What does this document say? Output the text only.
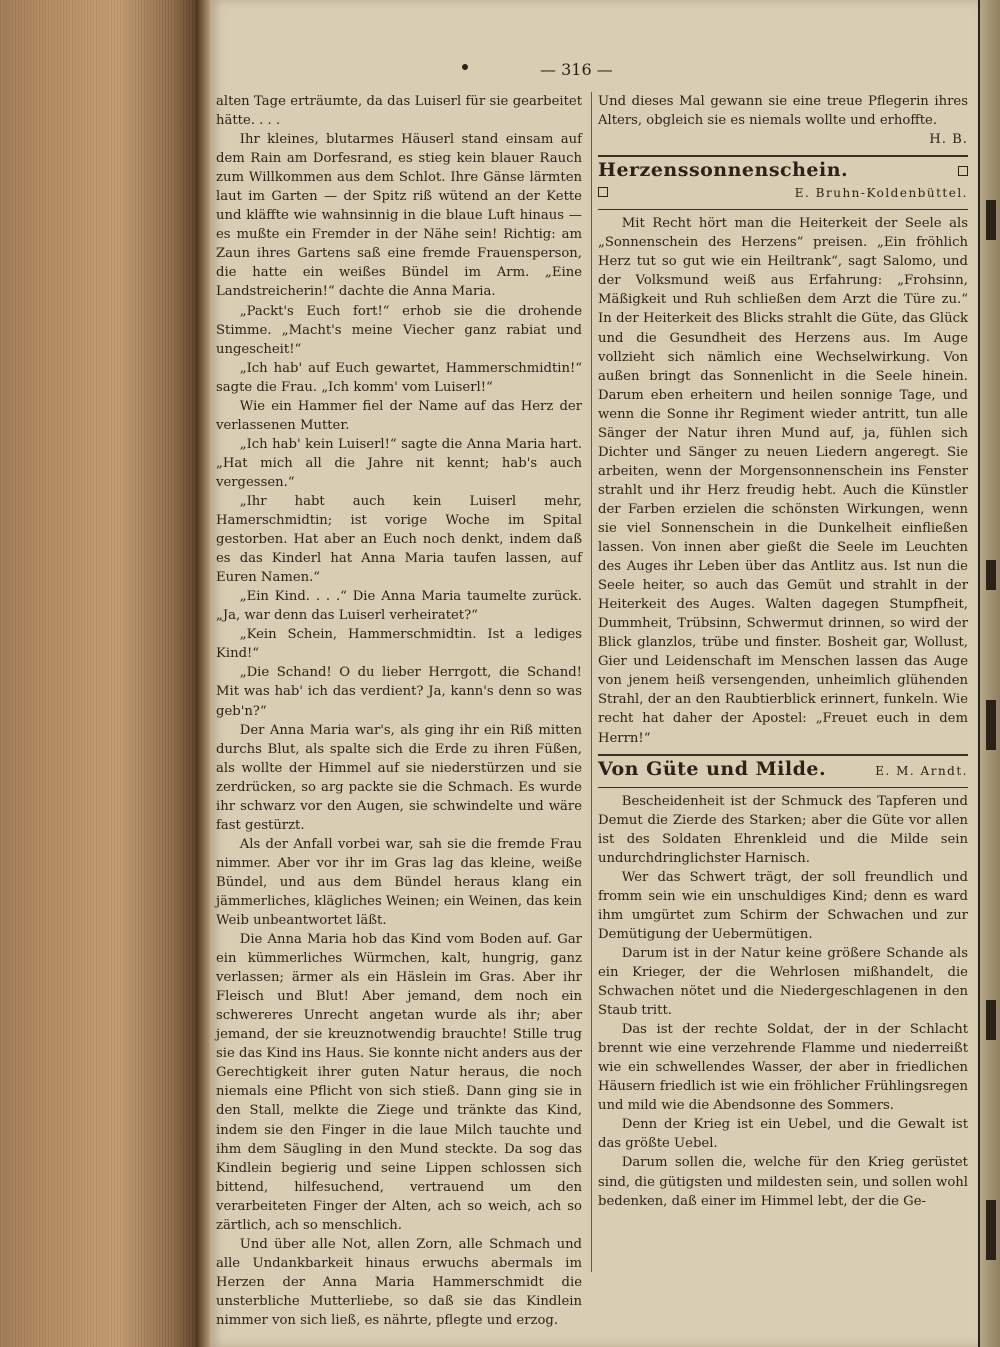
— 316 —

alten Tage erträumte, da das Luiserl für sie gearbeitet hätte. . . .

Ihr kleines, blutarmes Häuserl stand einsam auf dem Rain am Dorfesrand, es stieg kein blauer Rauch zum Willkommen aus dem Schlot. Ihre Gänse lärmten laut im Garten — der Spitz riß wütend an der Kette und kläffte wie wahnsinnig in die blaue Luft hinaus — es mußte ein Fremder in der Nähe sein! Richtig: am Zaun ihres Gartens saß eine fremde Frauensperson, die hatte ein weißes Bündel im Arm. „Eine Landstreicherin!“ dachte die Anna Maria.

„Packt's Euch fort!“ erhob sie die drohende Stimme. „Macht's meine Viecher ganz rabiat und ungescheit!“

„Ich hab' auf Euch gewartet, Hammerschmidtin!“ sagte die Frau. „Ich komm' vom Luiserl!“

Wie ein Hammer fiel der Name auf das Herz der verlassenen Mutter.

„Ich hab' kein Luiserl!“ sagte die Anna Maria hart. „Hat mich all die Jahre nit kennt; hab's auch vergessen.“

„Ihr habt auch kein Luiserl mehr, Hamerschmidtin; ist vorige Woche im Spital gestorben. Hat aber an Euch noch denkt, indem daß es das Kinderl hat Anna Maria taufen lassen, auf Euren Namen.“

„Ein Kind. . . .“ Die Anna Maria taumelte zurück. „Ja, war denn das Luiserl verheiratet?“

„Kein Schein, Hammerschmidtin. Ist a lediges Kind!“

„Die Schand! O du lieber Herrgott, die Schand! Mit was hab' ich das verdient? Ja, kann's denn so was geb'n?“

Der Anna Maria war's, als ging ihr ein Riß mitten durchs Blut, als spalte sich die Erde zu ihren Füßen, als wollte der Himmel auf sie niederstürzen und sie zerdrücken, so arg packte sie die Schmach. Es wurde ihr schwarz vor den Augen, sie schwindelte und wäre fast gestürzt.

Als der Anfall vorbei war, sah sie die fremde Frau nimmer. Aber vor ihr im Gras lag das kleine, weiße Bündel, und aus dem Bündel heraus klang ein jämmerliches, klägliches Weinen; ein Weinen, das kein Weib unbeantwortet läßt.

Die Anna Maria hob das Kind vom Boden auf. Gar ein kümmerliches Würmchen, kalt, hungrig, ganz verlassen; ärmer als ein Häslein im Gras. Aber ihr Fleisch und Blut! Aber jemand, dem noch ein schwereres Unrecht angetan wurde als ihr; aber jemand, der sie kreuznotwendig brauchte! Stille trug sie das Kind ins Haus. Sie konnte nicht anders aus der Gerechtigkeit ihrer guten Natur heraus, die noch niemals eine Pflicht von sich stieß. Dann ging sie in den Stall, melkte die Ziege und tränkte das Kind, indem sie den Finger in die laue Milch tauchte und ihm dem Säugling in den Mund steckte. Da sog das Kindlein begierig und seine Lippen schlossen sich bittend, hilfesuchend, vertrauend um den verarbeiteten Finger der Alten, ach so weich, ach so zärtlich, ach so menschlich.

Und über alle Not, allen Zorn, alle Schmach und alle Undankbarkeit hinaus erwuchs abermals im Herzen der Anna Maria Hammerschmidt die unsterbliche Mutterliebe, so daß sie das Kindlein nimmer von sich ließ, es nährte, pflegte und erzog.

Und dieses Mal gewann sie eine treue Pflegerin ihres Alters, obgleich sie es niemals wollte und erhoffte.

H. B.
Herzenssonnenschein.
E. Bruhn-Koldenbüttel.

Mit Recht hört man die Heiterkeit der Seele als „Sonnenschein des Herzens“ preisen. „Ein fröhlich Herz tut so gut wie ein Heiltrank“, sagt Salomo, und der Volksmund weiß aus Erfahrung: „Frohsinn, Mäßigkeit und Ruh schließen dem Arzt die Türe zu.“ In der Heiterkeit des Blicks strahlt die Güte, das Glück und die Gesundheit des Herzens aus. Im Auge vollzieht sich nämlich eine Wechselwirkung. Von außen bringt das Sonnenlicht in die Seele hinein. Darum eben erheitern und heilen sonnige Tage, und wenn die Sonne ihr Regiment wieder antritt, tun alle Sänger der Natur ihren Mund auf, ja, fühlen sich Dichter und Sänger zu neuen Liedern angeregt. Sie arbeiten, wenn der Morgensonnenschein ins Fenster strahlt und ihr Herz freudig hebt. Auch die Künstler der Farben erzielen die schönsten Wirkungen, wenn sie viel Sonnenschein in die Dunkelheit einfließen lassen. Von innen aber gießt die Seele im Leuchten des Auges ihr Leben über das Antlitz aus. Ist nun die Seele heiter, so auch das Gemüt und strahlt in der Heiterkeit des Auges. Walten dagegen Stumpfheit, Dummheit, Trübsinn, Schwermut drinnen, so wird der Blick glanzlos, trübe und finster. Bosheit gar, Wollust, Gier und Leidenschaft im Menschen lassen das Auge von jenem heiß versengenden, unheimlich glühenden Strahl, der an den Raubtierblick erinnert, funkeln. Wie recht hat daher der Apostel: „Freuet euch in dem Herrn!“

Von Güte und Milde.	E. M. Arndt.

Bescheidenheit ist der Schmuck des Tapferen und Demut die Zierde des Starken; aber die Güte vor allen ist des Soldaten Ehrenkleid und die Milde sein undurchdringlichster Harnisch.

Wer das Schwert trägt, der soll freundlich und fromm sein wie ein unschuldiges Kind; denn es ward ihm umgürtet zum Schirm der Schwachen und zur Demütigung der Uebermütigen.

Darum ist in der Natur keine größere Schande als ein Krieger, der die Wehrlosen mißhandelt, die Schwachen nötet und die Niedergeschlagenen in den Staub tritt.

Das ist der rechte Soldat, der in der Schlacht brennt wie eine verzehrende Flamme und niederreißt wie ein schwellendes Wasser, der aber in friedlichen Häusern friedlich ist wie ein fröhlicher Frühlingsregen und mild wie die Abendsonne des Sommers.

Denn der Krieg ist ein Uebel, und die Gewalt ist das größte Uebel.

Darum sollen die, welche für den Krieg gerüstet sind, die gütigsten und mildesten sein, und sollen wohl bedenken, daß einer im Himmel lebt, der die Ge-
